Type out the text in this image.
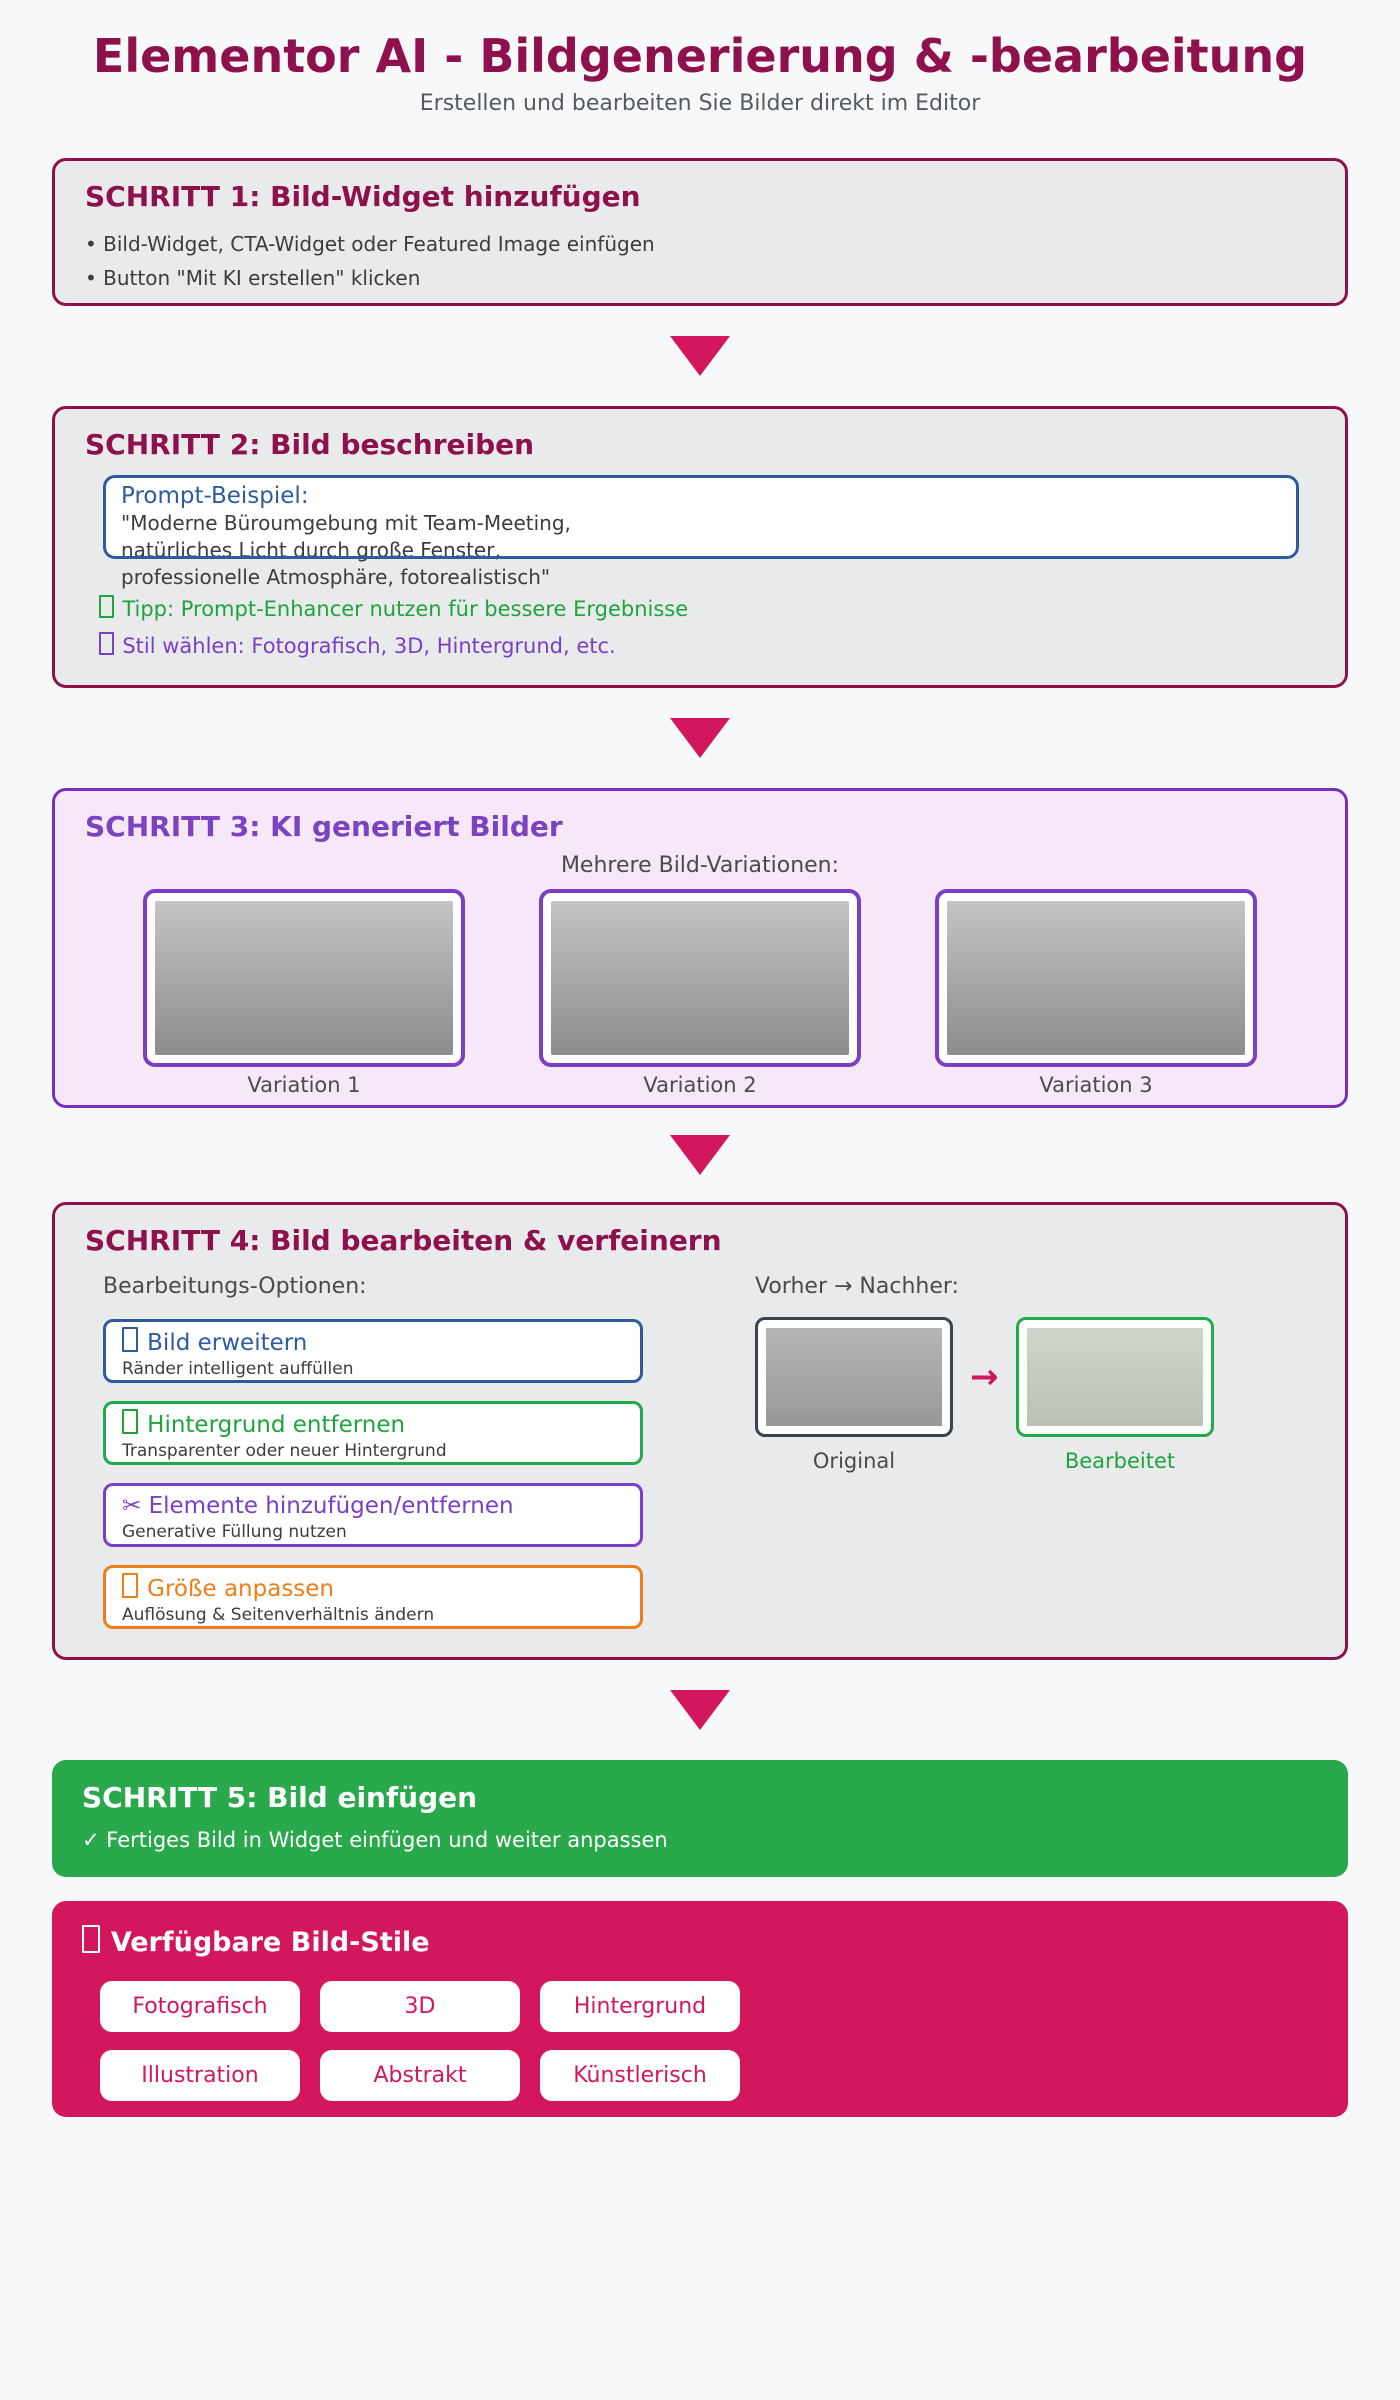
Elementor AI - Bildgenerierung & -bearbeitung
Erstellen und bearbeiten Sie Bilder direkt im Editor
SCHRITT 1: Bild-Widget hinzufügen
• Bild-Widget, CTA-Widget oder Featured Image einfügen
• Button "Mit KI erstellen" klicken
SCHRITT 2: Bild beschreiben
Prompt-Beispiel:
"Moderne Büroumgebung mit Team-Meeting,
natürliches Licht durch große Fenster,
professionelle Atmosphäre, fotorealistisch"
Tipp: Prompt-Enhancer nutzen für bessere Ergebnisse
Stil wählen: Fotografisch, 3D, Hintergrund, etc.
SCHRITT 3: KI generiert Bilder
Mehrere Bild-Variationen:
Variation 1	Variation 2	Variation 3
SCHRITT 4: Bild bearbeiten & verfeinern
Bearbeitungs-Optionen:
Bild erweitern
Ränder intelligent auffüllen
Hintergrund entfernen
Transparenter oder neuer Hintergrund
✂ Elemente hinzufügen/entfernen
Generative Füllung nutzen
Größe anpassen
Auflösung & Seitenverhältnis ändern
Vorher → Nachher:
→
Original	Bearbeitet
SCHRITT 5: Bild einfügen
✓ Fertiges Bild in Widget einfügen und weiter anpassen
Verfügbare Bild-Stile
Fotografisch	3D	Hintergrund
Illustration	Abstrakt	Künstlerisch
